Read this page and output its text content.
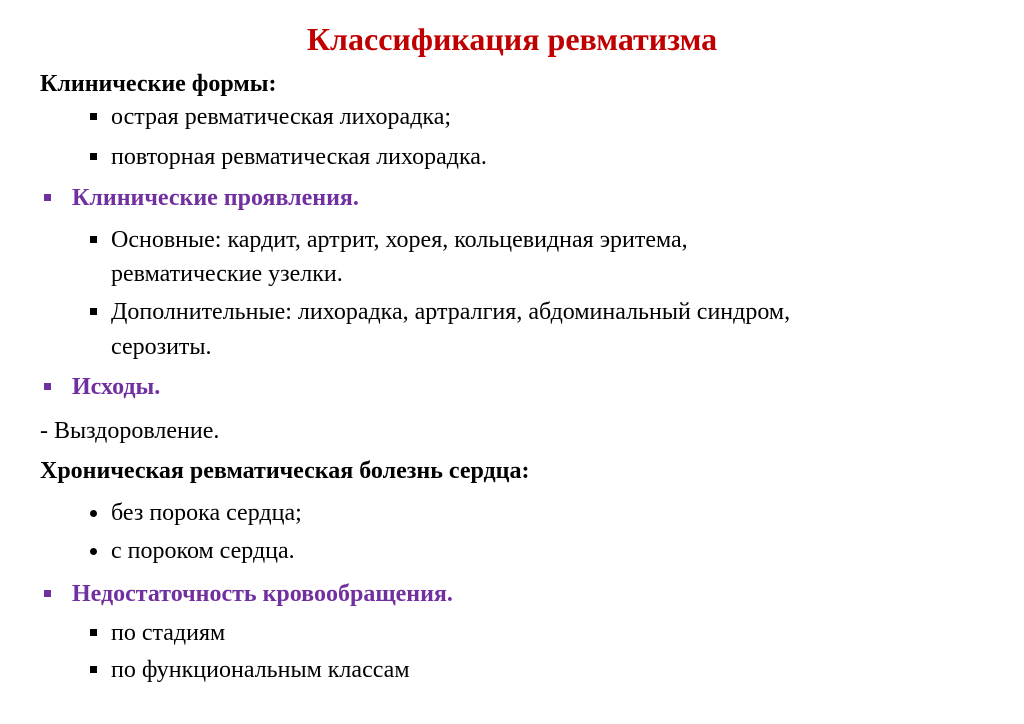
Классификация ревматизма
Клинические формы:
острая ревматическая лихорадка;
повторная ревматическая лихорадка.
Клинические проявления.
Основные: кардит, артрит, хорея, кольцевидная эритема,
ревматические узелки.
Дополнительные: лихорадка, артралгия, абдоминальный синдром,
серозиты.
Исходы.
- Выздоровление.
Хроническая ревматическая болезнь сердца:
без порока сердца;
с пороком сердца.
Недостаточность кровообращения.
по стадиям
по функциональным классам
